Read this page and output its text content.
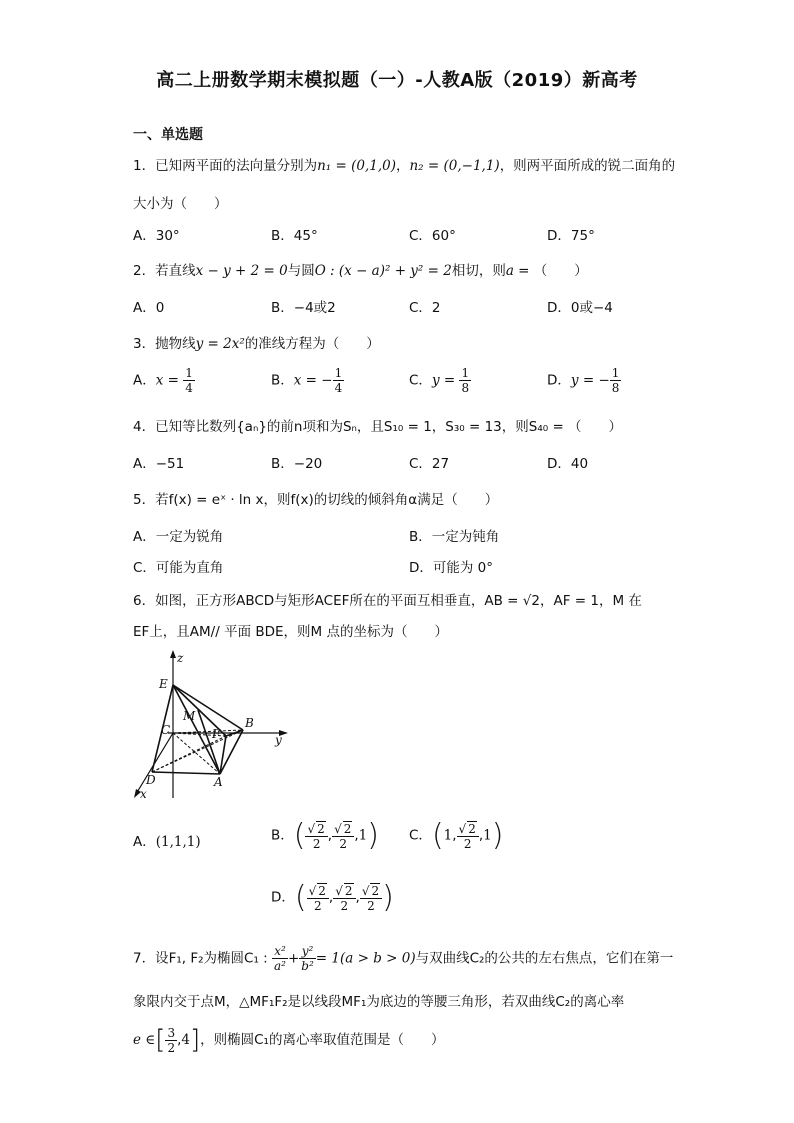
高二上册数学期末模拟题（一）-人教A版（2019）新高考
一、单选题
1．已知两平面的法向量分别为n₁ = (0,1,0)，n₂ = (0,−1,1)，则两平面所成的锐二面角的
大小为（　　）
A．30°	B．45°	C．60°	D．75°
2．若直线x − y + 2 = 0与圆O : (x − a)² + y² = 2相切，则a = （　　）
A．0	B．−4或2	C．2	D．0或−4
3．抛物线y = 2x²的准线方程为（　　）
A．$x = \frac{1}{4}$	B．x = − $\frac{1}{4}$	C．$y = \frac{1}{8}$	D．y = − $\frac{1}{8}$
4．已知等比数列{aₙ}的前n项和为Sₙ，且S₁₀ = 1，S₃₀ = 13，则S₄₀ = （　　）
A．−51	B．−20	C．27	D．40
5．若f(x) = eˣ · ln x，则f(x)的切线的倾斜角α满足（　　）
A．一定为锐角	B．一定为钝角
C．可能为直角	D．可能为 0°
6．如图，正方形ABCD与矩形ACEF所在的平面互相垂直，AB = √2，AF = 1，M 在
EF上，且AM// 平面 BDE，则M 点的坐标为（　　）
z
E
M
C	F
B
y
D	A
x
A．(1,1,1)	B．( $\frac{√ 2}{2}$ , $\frac{√ 2}{2} ,1$) C．(1, $\frac{√ 2}{2} ,1$)
D．( $\frac{√ 2}{2}$ , $\frac{√ 2}{2}$ , $\frac{√ 2}{2}$ )
7．设F₁, F₂为椭圆C₁ : $\frac{\text{x²}}{\text{a²}} + \frac{\text{y²}}{\text{b²}} = 1(a > b > 0)$与双曲线C₂的公共的左右焦点，它们在第一
象限内交于点M，△MF₁F₂是以线段MF₁为底边的等腰三角形，若双曲线C₂的离心率
e ∈[ $\frac{3}{2} ,4$]，则椭圆C₁的离心率取值范围是（　　）
